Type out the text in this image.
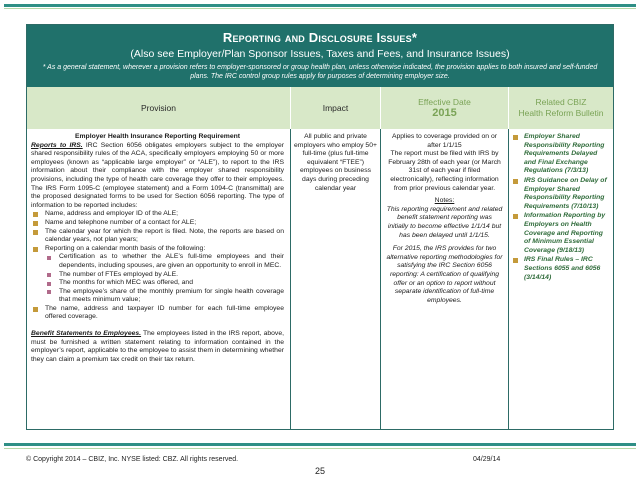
Reporting and Disclosure Issues*
(Also see Employer/Plan Sponsor Issues, Taxes and Fees, and Insurance Issues)
* As a general statement, wherever a provision refers to employer-sponsored or group health plan, unless otherwise indicated, the provision applies to both insured and self-funded plans. The IRC control group rules apply for purposes of determining employer size.
Provision	Impact
Effective Date
2015
Related CBIZ
Health Reform Bulletin
Employer Health Insurance Reporting Requirement
Reports to IRS. IRC Section 6056 obligates employers subject to the employer shared responsibility rules of the ACA, specifically employers employing 50 or more employees (known as “applicable large employer” or “ALE”), to report to the IRS information about their compliance with the employer shared responsibility provisions, including the type of health care coverage they offer to their employees. The IRS Form 1095-C (employee statement) and a Form 1094-C (transmittal) are the proposed designated forms to be used for Section 6056 reporting. The type of information to be reported includes:
Name, address and employer ID of the ALE;
Name and telephone number of a contact for ALE;
The calendar year for which the report is filed. Note, the reports are based on calendar years, not plan years;
Reporting on a calendar month basis of the following:
Certification as to whether the ALE’s full-time employees and their dependents, including spouses, are given an opportunity to enroll in MEC.
The number of FTEs employed by ALE.
The months for which MEC was offered, and
The employee’s share of the monthly premium for single health coverage that meets minimum value;
The name, address and taxpayer ID number for each full-time employee offered coverage.
Benefit Statements to Employees. The employees listed in the IRS report, above, must be furnished a written statement relating to information contained in the employer’s report, applicable to the employee to assist them in determining whether they can claim a premium tax credit on their tax return.
All public and private employers who employ 50+ full-time (plus full-time equivalent “FTEE”) employees on business days during preceding calendar year
Applies to coverage provided on or after 1/1/15
The report must be filed with IRS by February 28th of each year (or March 31st of each year if filed electronically), reflecting information from prior previous calendar year.
Notes:
This reporting requirement and related benefit statement reporting was initially to become effective 1/1/14 but has been delayed until 1/1/15.
For 2015, the IRS provides for two alternative reporting methodologies for satisfying the IRC Section 6056 reporting: A certification of qualifying offer or an option to report without separate identification of full-time employees.
Employer Shared Responsibility Reporting Requirements Delayed and Final Exchange Regulations (7/3/13)
IRS Guidance on Delay of Employer Shared Responsibility Reporting Requirements (7/10/13)
Information Reporting by Employers on Health Coverage and Reporting of Minimum Essential Coverage (9/18/13)
IRS Final Rules – IRC Sections 6055 and 6056 (3/14/14)
© Copyright 2014 – CBIZ, Inc. NYSE listed: CBZ. All rights reserved.	04/29/14
25
